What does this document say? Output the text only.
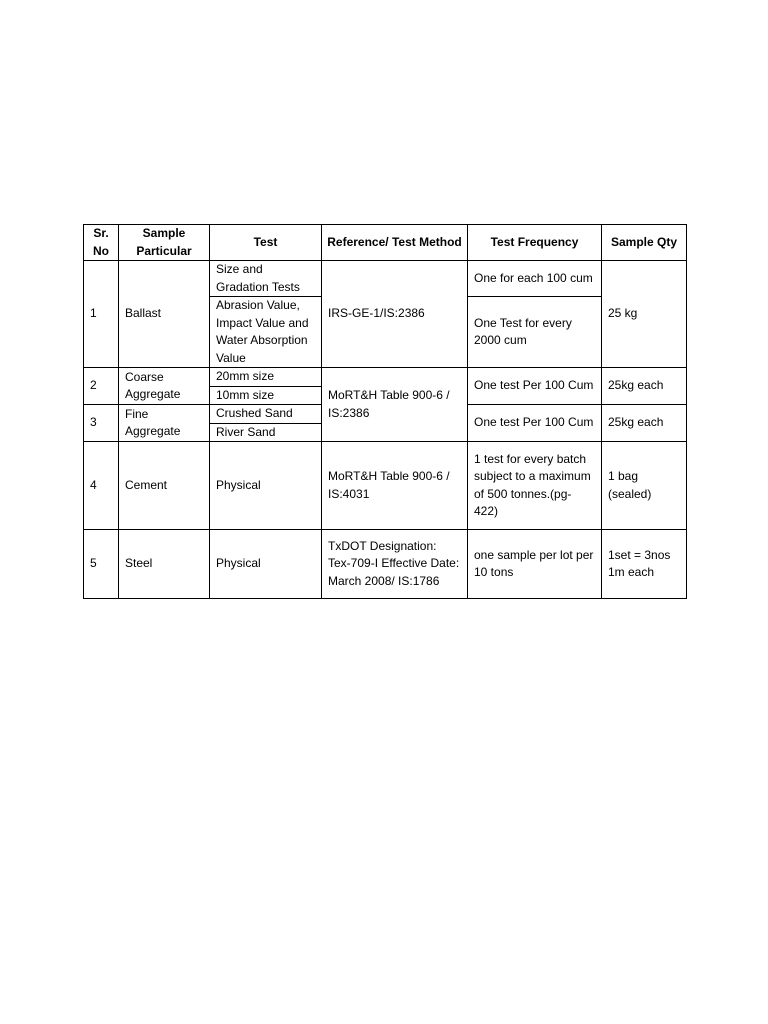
Sr. No	Sample Particular	Test	Reference/ Test Method	Test Frequency	Sample Qty
1	Ballast	Size and Gradation Tests	IRS-GE-1/IS:2386	One for each 100 cum	25 kg
		Abrasion Value, Impact Value and Water Absorption Value		One Test for every 2000 cum	
2	Coarse Aggregate	20mm size	MoRT&H Table 900-6 / IS:2386	One test Per 100 Cum	25kg each
		10mm size			
3	Fine Aggregate	Crushed Sand		One test Per 100 Cum	25kg each
		River Sand			
4	Cement	Physical	MoRT&H Table 900-6 / IS:4031	1 test for every batch subject to a maximum of 500 tonnes.(pg-422)	1 bag (sealed)
5	Steel	Physical	TxDOT Designation: Tex-709-I Effective Date: March 2008/ IS:1786	one sample per lot per 10 tons	1set = 3nos 1m each
